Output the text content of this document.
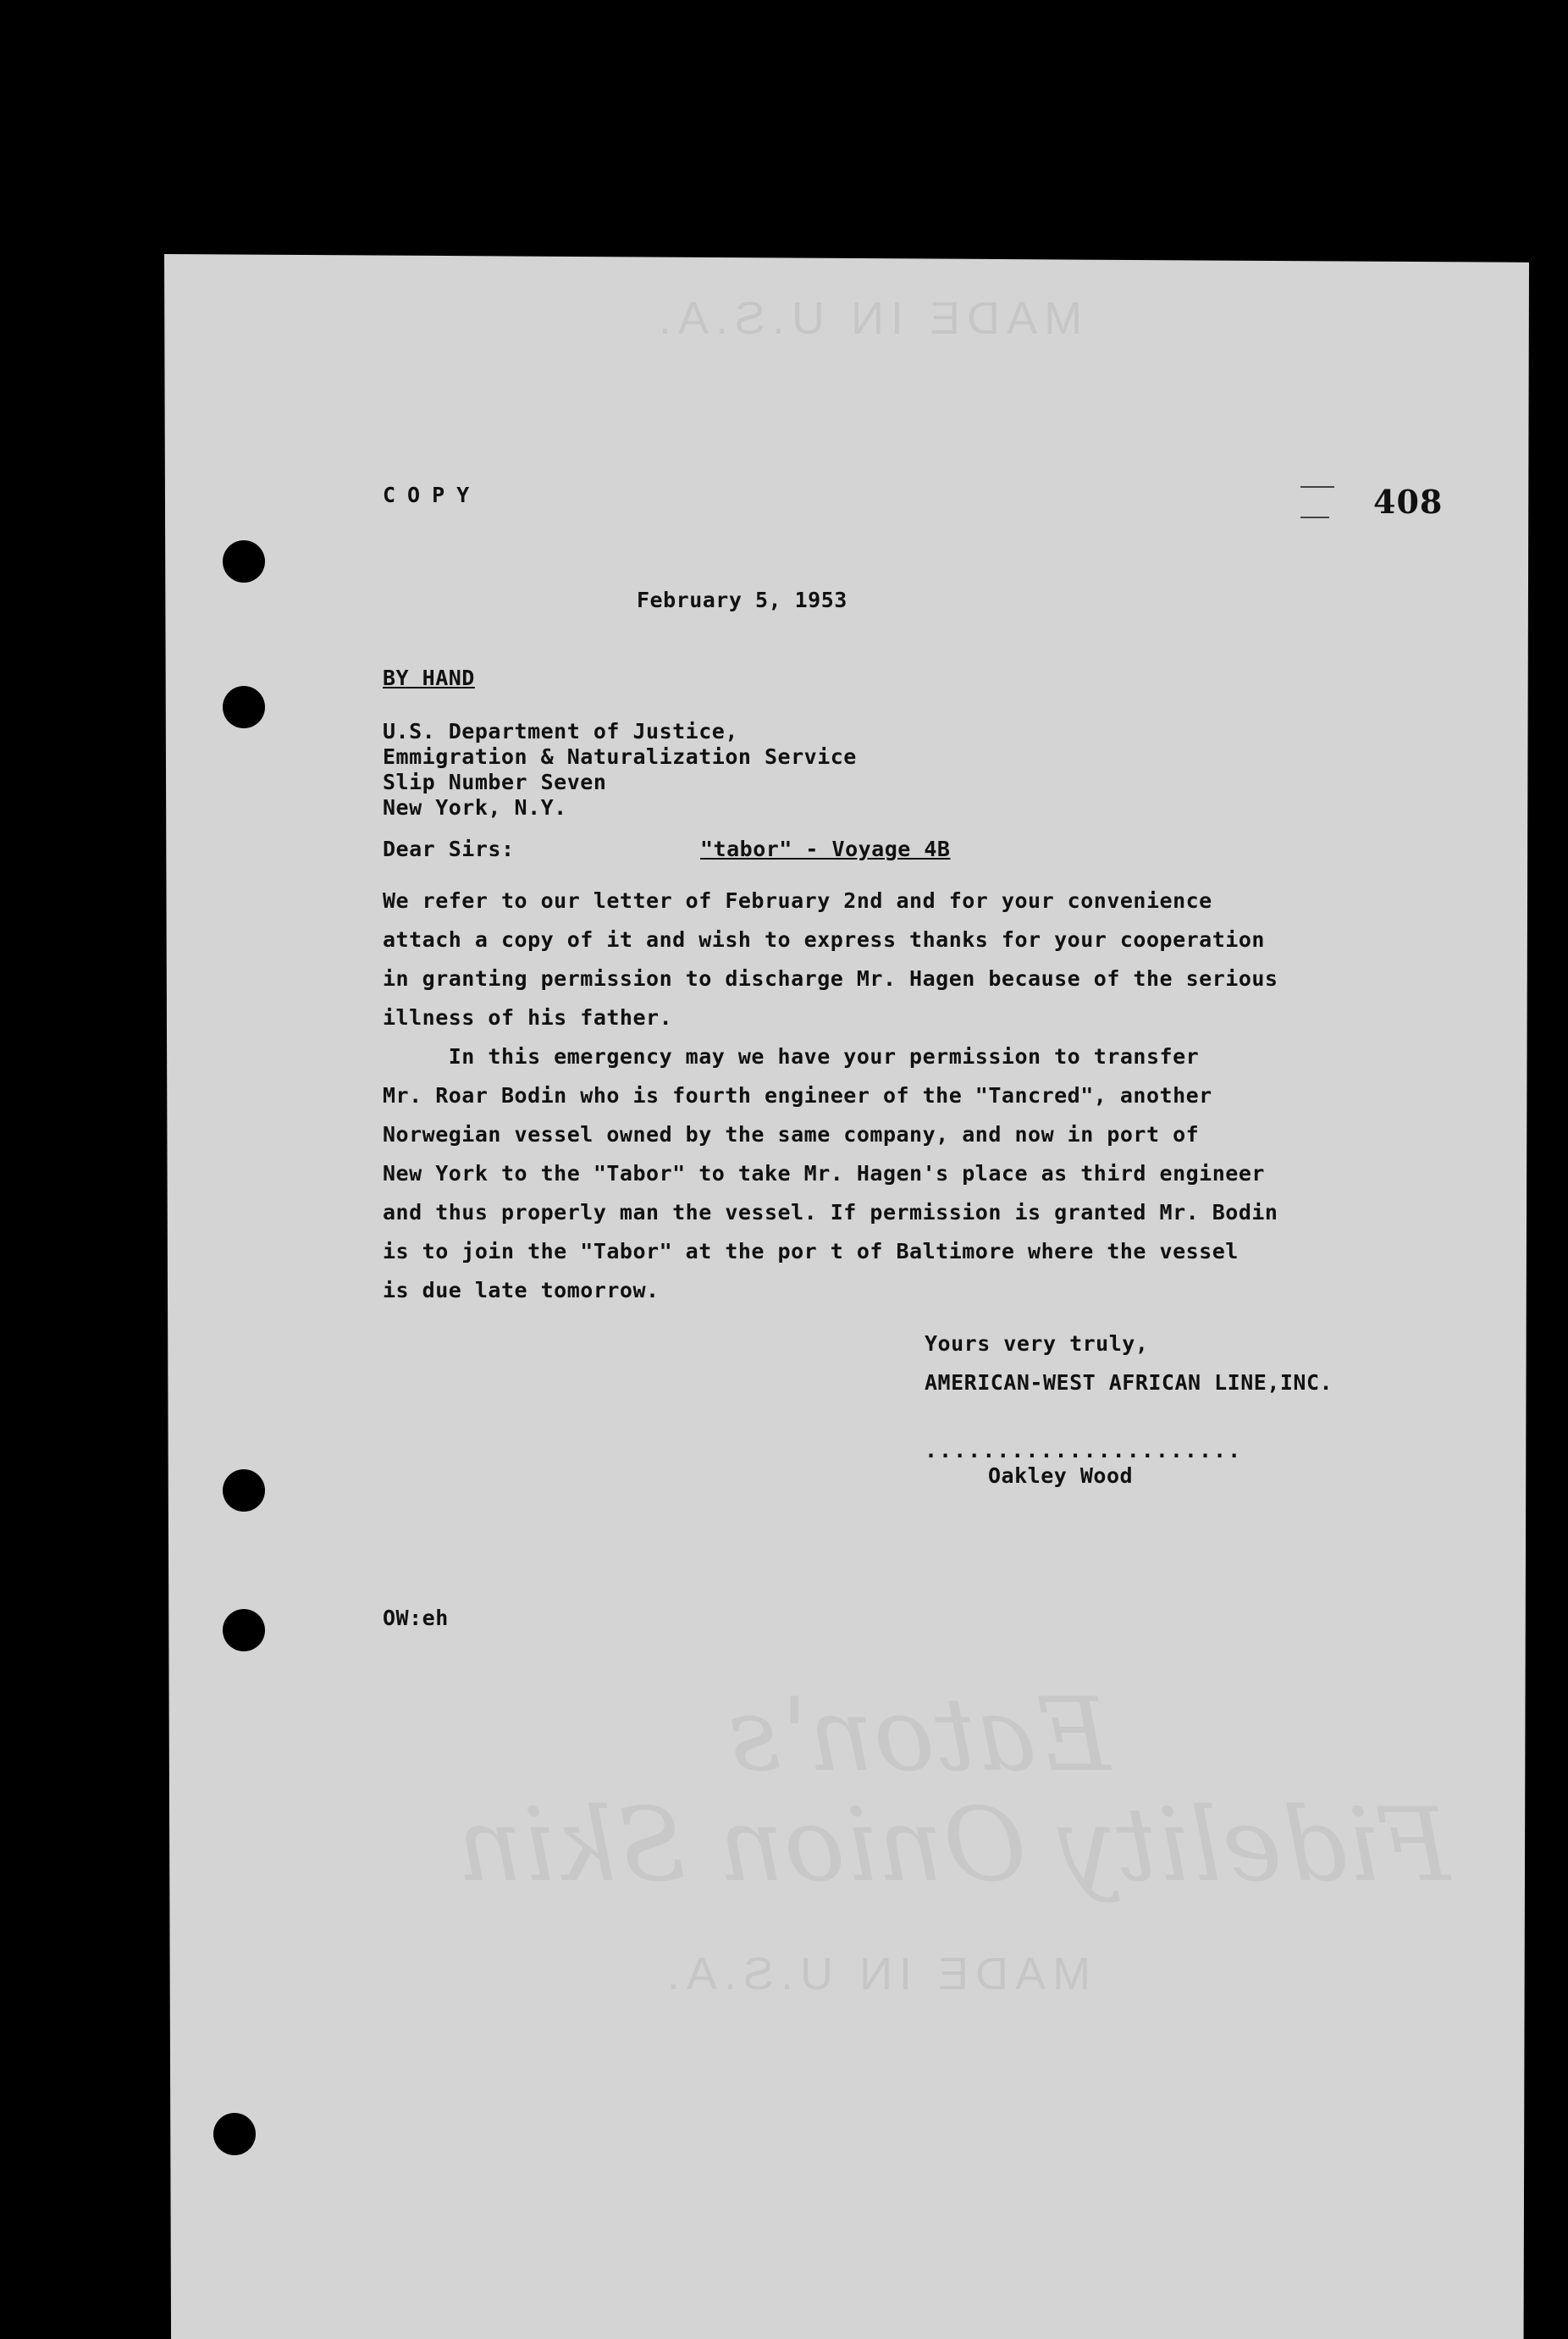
MADE IN U.S.A.
Eaton's
Fidelity Onion Skin
MADE IN U.S.A.
COPY	408
February 5, 1953
BY HAND
U.S. Department of Justice,
Emmigration & Naturalization Service
Slip Number Seven
New York, N.Y.
Dear Sirs:	"tabor" - Voyage 4B
We refer to our letter of February 2nd and for your convenience
attach a copy of it and wish to express thanks for your cooperation
in granting permission to discharge Mr. Hagen because of the serious
illness of his father.
In this emergency may we have your permission to transfer
Mr. Roar Bodin who is fourth engineer of the "Tancred", another
Norwegian vessel owned by the same company, and now in port of
New York to the "Tabor" to take Mr. Hagen's place as third engineer
and thus properly man the vessel. If permission is granted Mr. Bodin
is to join the "Tabor" at the por t of Baltimore where the vessel
is due late tomorrow.
Yours very truly,
AMERICAN-WEST AFRICAN LINE,INC.
......................
Oakley Wood
OW:eh
